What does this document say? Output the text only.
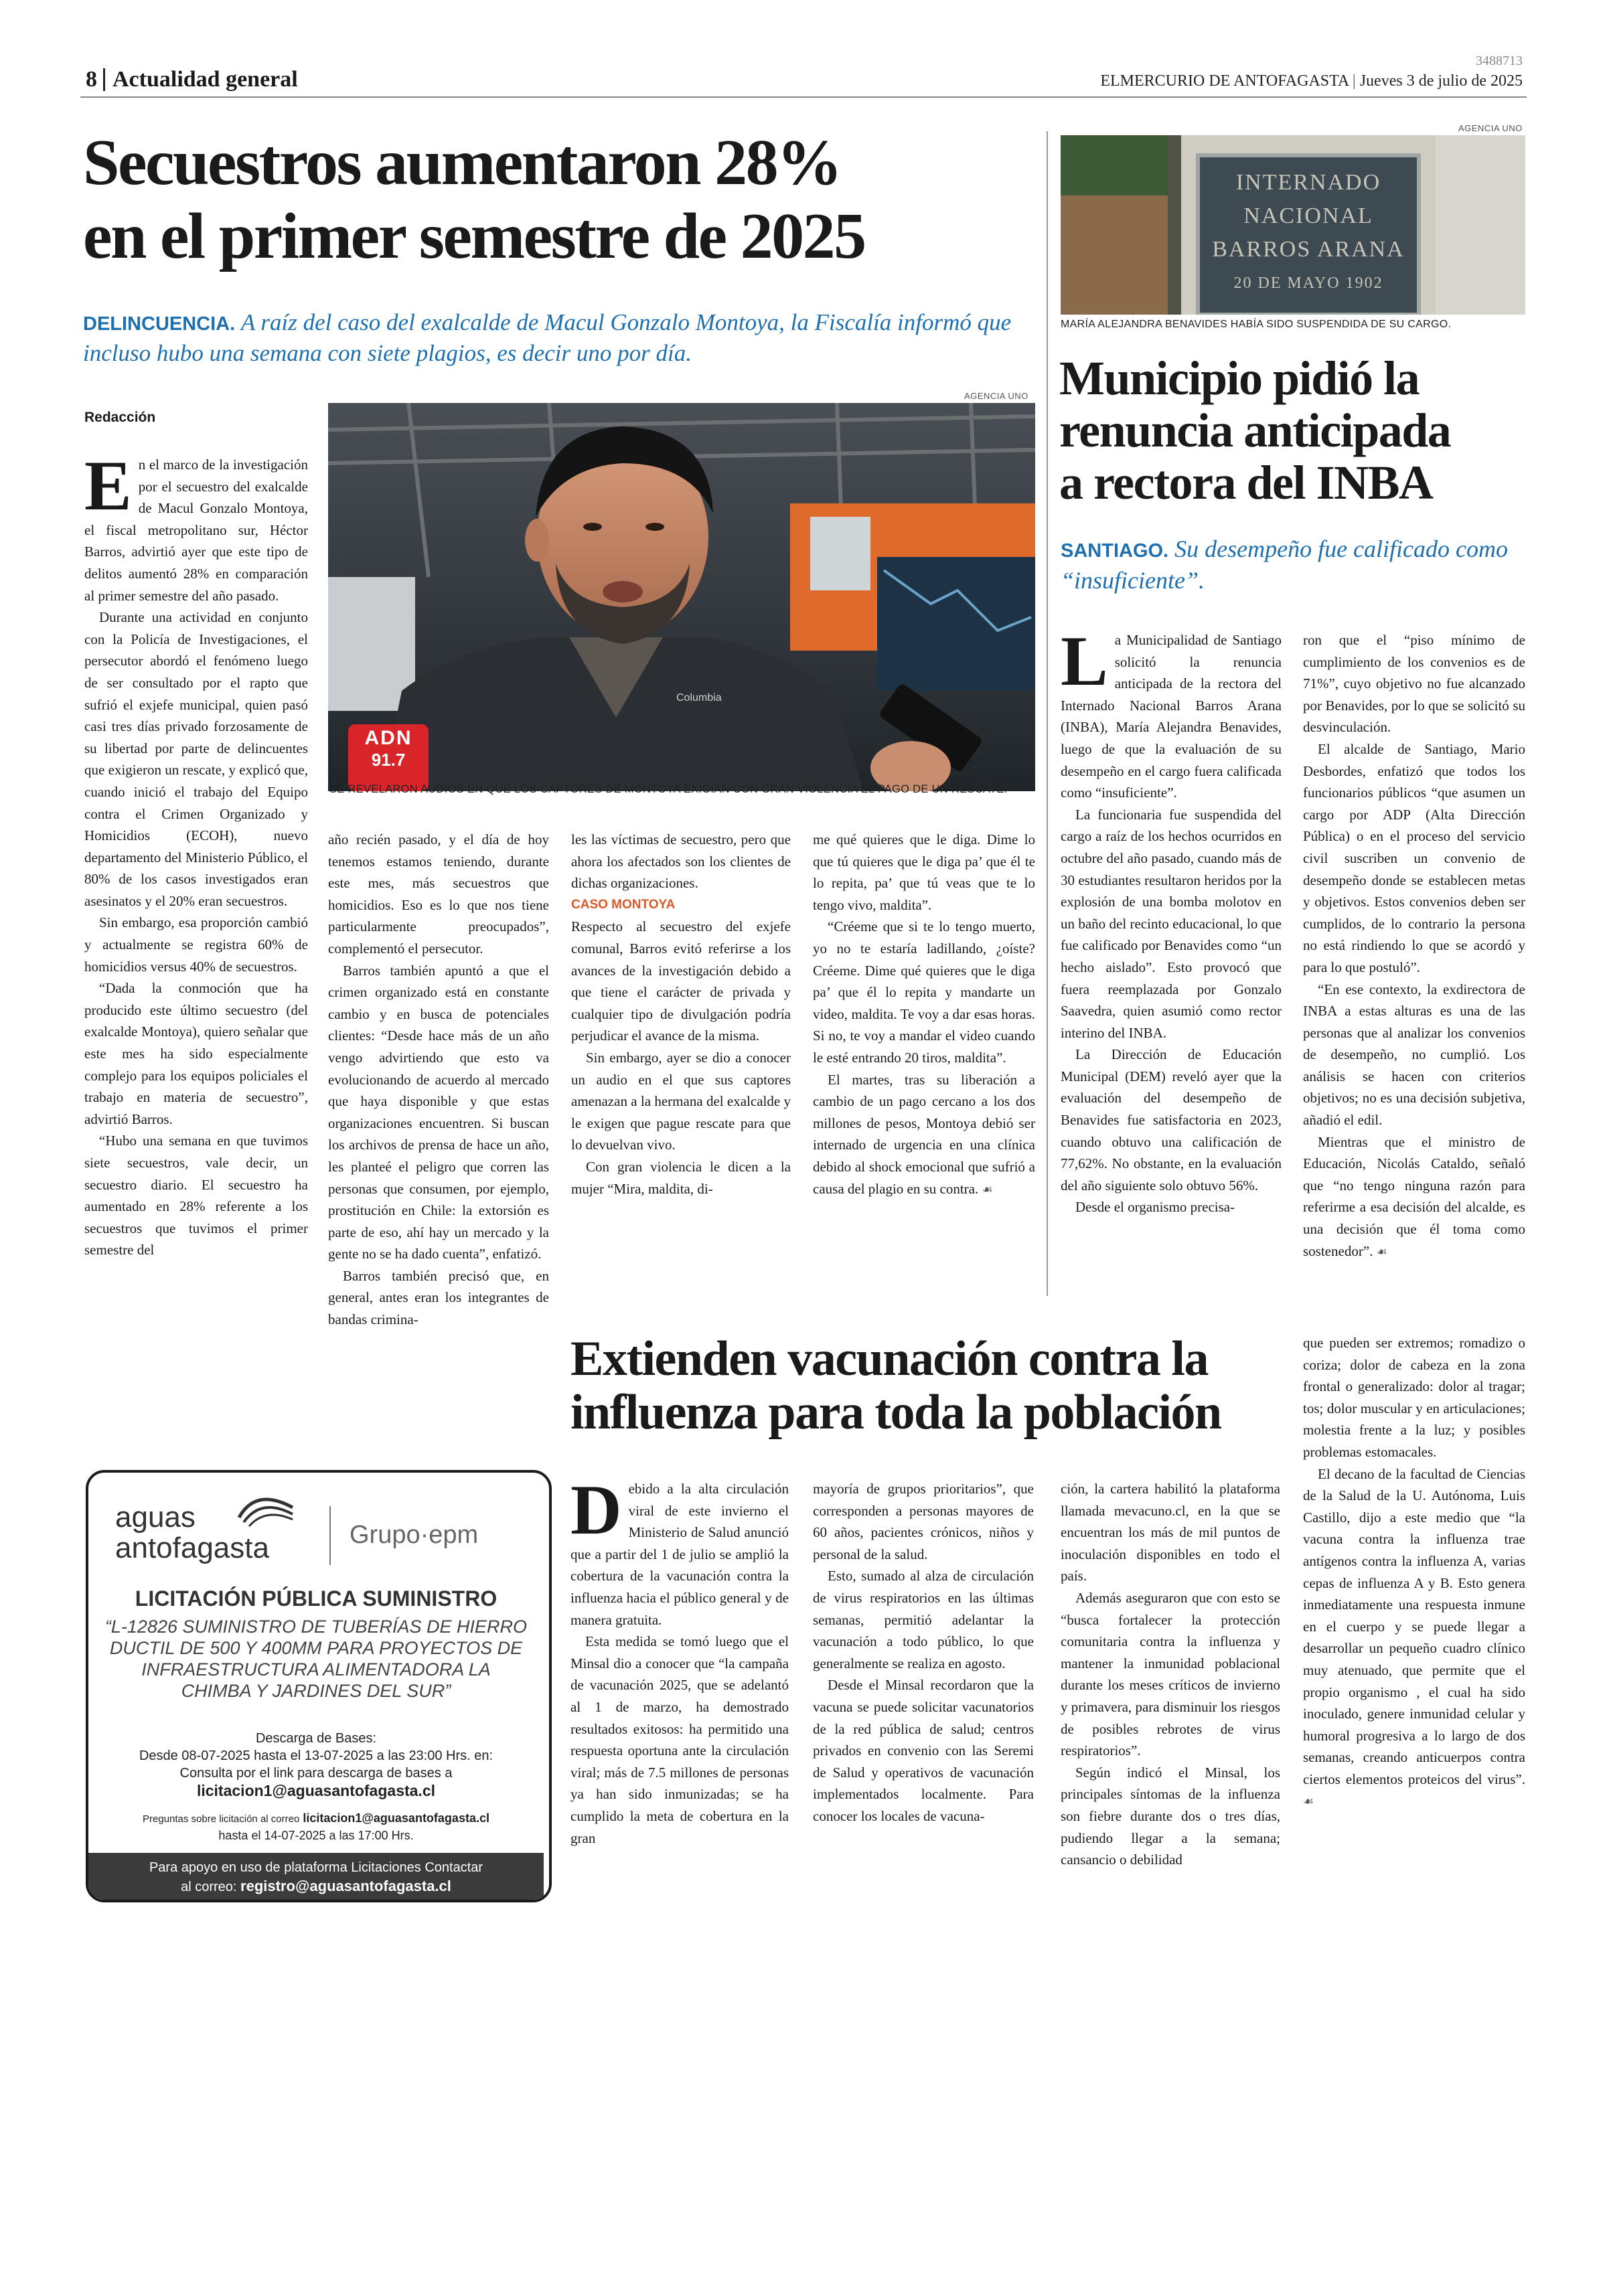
8 Actualidad general
3488713
ELMERCURIO DE ANTOFAGASTA | Jueves 3 de julio de 2025
Secuestros aumentaron 28%
en el primer semestre de 2025
DELINCUENCIA. A raíz del caso del exalcalde de Macul Gonzalo Montoya, la Fiscalía informó que incluso hubo una semana con siete plagios, es decir uno por día.
Redacción
ADN
91.7
Columbia
AGENCIA UNO
SE REVELARON AUDIOS EN QUE LOS CAPTORES DE MONTOYA EXIGÍAN CON GRAN VIOLENCIA EL PAGO DE UN RESCATE.
E n el marco de la investigación por el secuestro del exalcalde de Macul Gonzalo Montoya, el fiscal metropolitano sur, Héctor Barros, advirtió ayer que este tipo de delitos aumentó 28% en comparación al primer semestre del año pasado.

Durante una actividad en conjunto con la Policía de Investigaciones, el persecutor abordó el fenómeno luego de ser consultado por el rapto que sufrió el exjefe municipal, quien pasó casi tres días privado forzosamente de su libertad por parte de delincuentes que exigieron un rescate, y explicó que, cuando inició el trabajo del Equipo contra el Crimen Organizado y Homicidios (ECOH), nuevo departamento del Ministerio Público, el 80% de los casos investigados eran asesinatos y el 20% eran secuestros.

Sin embargo, esa proporción cambió y actualmente se registra 60% de homicidios versus 40% de secuestros.

“Dada la conmoción que ha producido este último secuestro (del exalcalde Montoya), quiero señalar que este mes ha sido especialmente complejo para los equipos policiales el trabajo en materia de secuestro”, advirtió Barros.

“Hubo una semana en que tuvimos siete secuestros, vale decir, un secuestro diario. El secuestro ha aumentado en 28% referente a los secuestros que tuvimos el primer semestre del

año recién pasado, y el día de hoy tenemos estamos teniendo, durante este mes, más secuestros que homicidios. Eso es lo que nos tiene particularmente preocupados”, complementó el persecutor.

Barros también apuntó a que el crimen organizado está en constante cambio y en busca de potenciales clientes: “Desde hace más de un año vengo advirtiendo que esto va evolucionando de acuerdo al mercado que haya disponible y que estas organizaciones encuentren. Si buscan los archivos de prensa de hace un año, les planteé el peligro que corren las personas que consumen, por ejemplo, prostitución en Chile: la extorsión es parte de eso, ahí hay un mercado y la gente no se ha dado cuenta”, enfatizó.

Barros también precisó que, en general, antes eran los integrantes de bandas crimina-

les las víctimas de secuestro, pero que ahora los afectados son los clientes de dichas organizaciones.

CASO MONTOYA

Respecto al secuestro del exjefe comunal, Barros evitó referirse a los avances de la investigación debido a que tiene el carácter de privada y cualquier tipo de divulgación podría perjudicar el avance de la misma.

Sin embargo, ayer se dio a conocer un audio en el que sus captores amenazan a la hermana del exalcalde y le exigen que pague rescate para que lo devuelvan vivo.

Con gran violencia le dicen a la mujer “Mira, maldita, di-

me qué quieres que le diga. Dime lo que tú quieres que le diga pa’ que él te lo repita, pa’ que tú veas que te lo tengo vivo, maldita”.

“Créeme que si te lo tengo muerto, yo no te estaría ladillando, ¿oíste? Créeme. Dime qué quieres que le diga pa’ que él lo repita y mandarte un video, maldita. Te voy a dar esas horas. Si no, te voy a mandar el video cuando le esté entrando 20 tiros, maldita”.

El martes, tras su liberación a cambio de un pago cercano a los dos millones de pesos, Montoya debió ser internado de urgencia en una clínica debido al shock emocional que sufrió a causa del plagio en su contra. ☙

AGENCIA UNO
INTERNADO
NACIONAL
BARROS ARANA
20 DE MAYO 1902
MARÍA ALEJANDRA BENAVIDES HABÍA SIDO SUSPENDIDA DE SU CARGO.
Municipio pidió la
renuncia anticipada
a rectora del INBA
SANTIAGO. Su desempeño fue calificado como “insuficiente”.
L a Municipalidad de Santiago solicitó la renuncia anticipada de la rectora del Internado Nacional Barros Arana (INBA), María Alejandra Benavides, luego de que la evaluación de su desempeño en el cargo fuera calificada como “insuficiente”.

La funcionaria fue suspendida del cargo a raíz de los hechos ocurridos en octubre del año pasado, cuando más de 30 estudiantes resultaron heridos por la explosión de una bomba molotov en un baño del recinto educacional, lo que fue calificado por Benavides como “un hecho aislado”. Esto provocó que fuera reemplazada por Gonzalo Saavedra, quien asumió como rector interino del INBA.

La Dirección de Educación Municipal (DEM) reveló ayer que la evaluación del desempeño de Benavides fue satisfactoria en 2023, cuando obtuvo una calificación de 77,62%. No obstante, en la evaluación del año siguiente solo obtuvo 56%.

Desde el organismo precisa-

ron que el “piso mínimo de cumplimiento de los convenios es de 71%”, cuyo objetivo no fue alcanzado por Benavides, por lo que se solicitó su desvinculación.

El alcalde de Santiago, Mario Desbordes, enfatizó que todos los funcionarios públicos “que asumen un cargo por ADP (Alta Dirección Pública) o en el proceso del servicio civil suscriben un convenio de desempeño donde se establecen metas y objetivos. Estos convenios deben ser cumplidos, de lo contrario la persona no está rindiendo lo que se acordó y para lo que postuló”.

“En ese contexto, la exdirectora de INBA a estas alturas es una de las personas que al analizar los convenios de desempeño, no cumplió. Los análisis se hacen con criterios objetivos; no es una decisión subjetiva, añadió el edil.

Mientras que el ministro de Educación, Nicolás Cataldo, señaló que “no tengo ninguna razón para referirme a esa decisión del alcalde, es una decisión que él toma como sostenedor”. ☙

aguas
antofagasta	Grupo·epm
LICITACIÓN PÚBLICA SUMINISTRO
“L-12826 SUMINISTRO DE TUBERÍAS DE HIERRO DUCTIL DE 500 Y 400MM PARA PROYECTOS DE INFRAESTRUCTURA ALIMENTADORA LA CHIMBA Y JARDINES DEL SUR”
Descarga de Bases:
Desde 08-07-2025 hasta el 13-07-2025 a las 23:00 Hrs. en:
Consulta por el link para descarga de bases a
licitacion1@aguasantofagasta.cl
Preguntas sobre licitación al correo licitacion1@aguasantofagasta.cl
hasta el 14-07-2025 a las 17:00 Hrs.
Para apoyo en uso de plataforma Licitaciones Contactar
al correo: registro@aguasantofagasta.cl
Extienden vacunación contra la
influenza para toda la población
D ebido a la alta circulación viral de este invierno el Ministerio de Salud anunció que a partir del 1 de julio se amplió la cobertura de la vacunación contra la influenza hacia el público general y de manera gratuita.

Esta medida se tomó luego que el Minsal dio a conocer que “la campaña de vacunación 2025, que se adelantó al 1 de marzo, ha demostrado resultados exitosos: ha permitido una respuesta oportuna ante la circulación viral; más de 7.5 millones de personas ya han sido inmunizadas; se ha cumplido la meta de cobertura en la gran

mayoría de grupos prioritarios”, que corresponden a personas mayores de 60 años, pacientes crónicos, niños y personal de la salud.

Esto, sumado al alza de circulación de virus respiratorios en las últimas semanas, permitió adelantar la vacunación a todo público, lo que generalmente se realiza en agosto.

Desde el Minsal recordaron que la vacuna se puede solicitar vacunatorios de la red pública de salud; centros privados en convenio con las Seremi de Salud y operativos de vacunación implementados localmente. Para conocer los locales de vacuna-

ción, la cartera habilitó la plataforma llamada mevacuno.cl, en la que se encuentran los más de mil puntos de inoculación disponibles en todo el país.

Además aseguraron que con esto se “busca fortalecer la protección comunitaria contra la influenza y mantener la inmunidad poblacional durante los meses críticos de invierno y primavera, para disminuir los riesgos de posibles rebrotes de virus respiratorios”.

Según indicó el Minsal, los principales síntomas de la influenza son fiebre durante dos o tres días, pudiendo llegar a la semana; cansancio o debilidad

que pueden ser extremos; romadizo o coriza; dolor de cabeza en la zona frontal o generalizado: dolor al tragar; tos; dolor muscular y en articulaciones; molestia frente a la luz; y posibles problemas estomacales.

El decano de la facultad de Ciencias de la Salud de la U. Autónoma, Luis Castillo, dijo a este medio que “la vacuna contra la influenza trae antígenos contra la influenza A, varias cepas de influenza A y B. Esto genera inmediatamente una respuesta inmune en el cuerpo y se puede llegar a desarrollar un pequeño cuadro clínico muy atenuado, que permite que el propio organismo , el cual ha sido inoculado, genere inmunidad celular y humoral progresiva a lo largo de dos semanas, creando anticuerpos contra ciertos elementos proteicos del virus”. ☙
